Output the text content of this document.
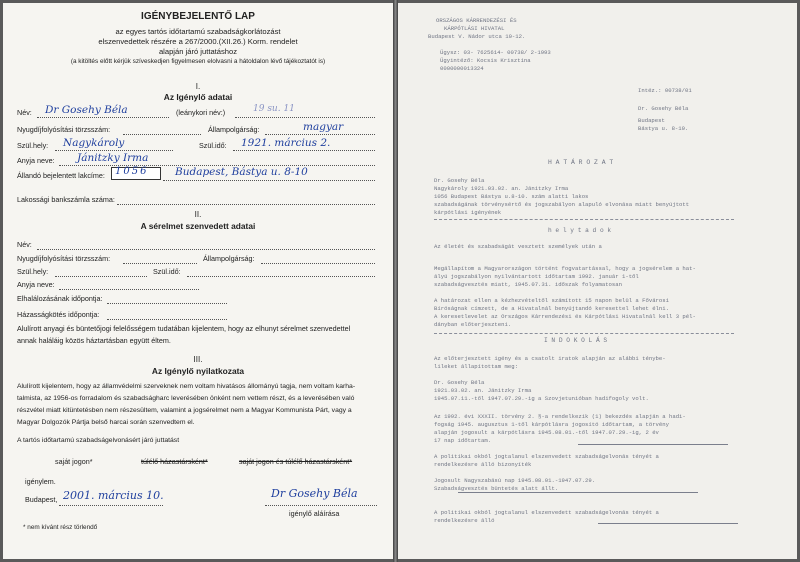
IGÉNYBEJELENTŐ LAP
az egyes tartós időtartamú szabadságkorlátozást
elszenvedettek részére a 267/2000.(XII.26.) Korm. rendelet
alapján járó juttatáshoz
(a kitöltés előtt kérjük szíveskedjen figyelmesen elolvasni a hátoldalon lévő tájékoztatót is)
I.
Az Igénylő adatai
Név: Dr Gosehy Béla	(leánykori név:)	19 su. 11
Nyugdíjfolyósítási törzsszám:	Állampolgárság:	magyar
Szül.hely: Nagykároly	Szül.idő: 1921. március 2.
Anyja neve: Jánitzky Irma
Állandó bejelentett lakcíme: 1056	Budapest, Bástya u. 8-10
Lakossági bankszámla száma:
II.
A sérelmet szenvedett adatai
Név:
Nyugdíjfolyósítási törzsszám:	Állampolgárság:
Szül.hely:	Szül.idő:
Anyja neve:
Elhalálozásának időpontja:
Házasságkötés időpontja:
Alulírott anyagi és büntetőjogi felelősségem tudatában kijelentem, hogy az elhunyt sérelmet szenvedettel
annak haláláig közös háztartásban együtt éltem.
III.
Az Igénylő nyilatkozata
Alulírott kijelentem, hogy az államvédelmi szerveknek nem voltam hivatásos állományú tagja, nem voltam karha-
talmista, az 1956-os forradalom és szabadságharc leverésében önként nem vettem részt, és a leverésében való
részvétel miatt kitüntetésben nem részesültem, valamint a jogsérelmet nem a Magyar Kommunista Párt, vagy a
Magyar Dolgozók Pártja belső harcai során szenvedtem el.
A tartós időtartamú szabadságelvonásért járó juttatást
saját jogon*	túlélő házastársként*	saját jogon és túlélő házastársként*
igénylem.
Budapest, 2001. március 10.	Dr Gosehy Béla
igénylő aláírása
* nem kívánt rész törlendő
ORSZÁGOS KÁRRENDEZÉSI ÉS
KÁRPÓTLÁSI HIVATAL
Budapest V. Nádor utca 10-12.
Ügysz: 03- 7625614- 00738/ 2-1993
Ügyintéző: Kocsis Krisztina
0000000013324
Intéz.: 00738/01
Dr. Gosehy Béla
Budapest
Bástya u. 8-10.
H A T Á R O Z A T
Dr. Gosehy Béla
Nagykároly 1921.03.02. an. Jánitzky Irma
1056 Budapest Bástya u.8-10. szám alatti lakos
szabadságának törvénysértő és jogszabályon alapuló elvonása miatt benyújtott
kárpótlási igényének
h e l y t a d o k
Az életét és szabadságát vesztett személyek után a
Megállapítom a Magyarországon történt fogvatartással, hogy a jogsérelem a hat-
ályú jogszabályon nyilvántartott időtartam 1992. január 1-től
szabadságvesztés miatt, 1945.07.31. időszak folyamatosan
A határozat ellen a kézhezvételtől számított 15 napon belül a Fővárosi
Bíróságnak címzett, de a Hivatalnál benyújtandó keresettel lehet élni.
A keresetlevelet az Országos Kárrendezési és Kárpótlási Hivatalnál kell 3 pél-
dányban előterjeszteni.
I N D O K O L Á S
Az előterjesztett igény és a csatolt iratok alapján az alábbi ténybe-
lileket állapítottam meg:
Dr. Gosehy Béla
1921.03.02. an. Jánitzky Irma
1945.07.11.-től 1947.07.29.-ig a Szovjetunióban hadifogoly volt.
Az 1992. évi XXXII. törvény 2. §-a rendelkezik (1) bekezdés alapján a hadi-
fogság 1945. augusztus 1-től kárpótlásra jogosító időtartam, a törvény
alapján jogosult a kárpótlásra 1945.08.01.-től 1947.07.29.-ig, 2 év
17 nap időtartam.
A politikai okból jogtalanul elszenvedett szabadságelvonás tényét a
rendelkezésre álló bizonyíték
Jogosult Nagyszabású nap 1945.08.01.-1947.07.29.
Szabadságvesztés büntetés alatt állt.
A politikai okból jogtalanul elszenvedett szabadságelvonás tényét a
rendelkezésre álló
